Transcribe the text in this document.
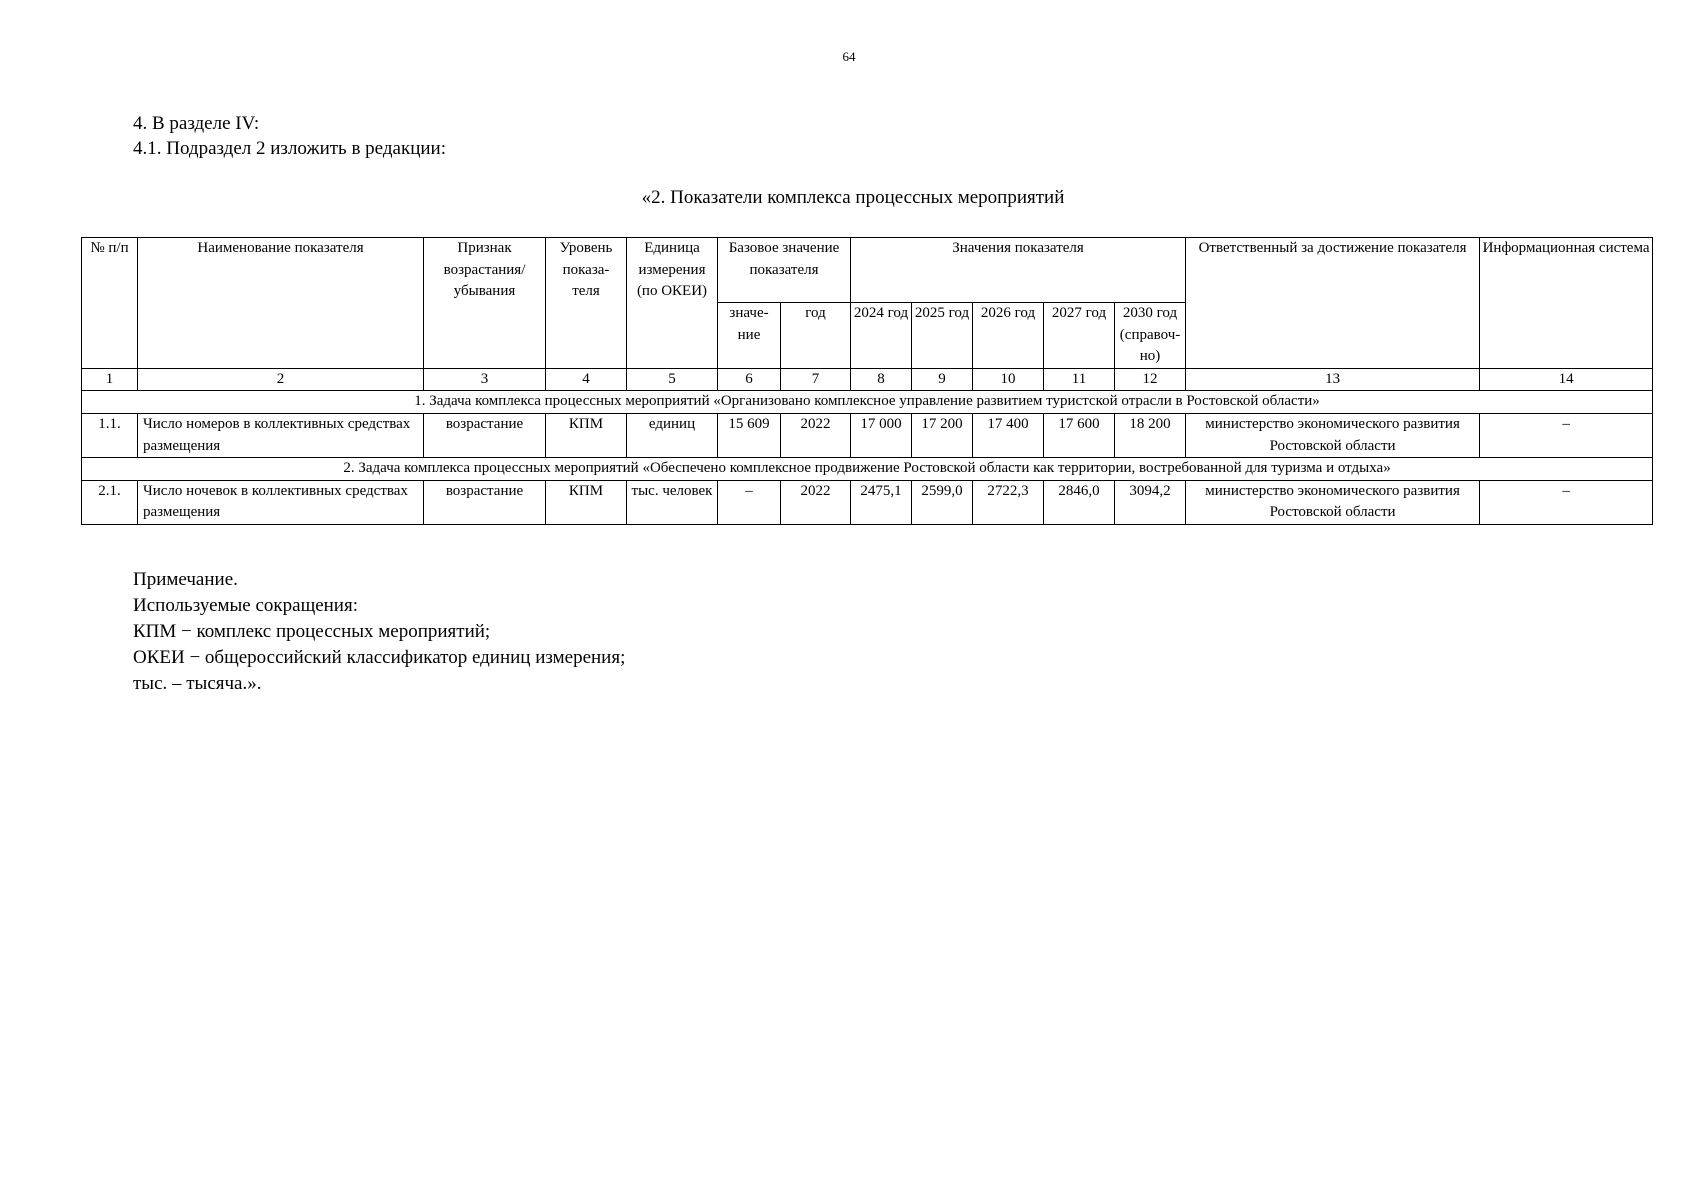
64
4. В разделе IV:
4.1. Подраздел 2 изложить в редакции:
«2. Показатели комплекса процессных мероприятий
№ п/п	Наименование показателя	Признак возрастания/ убывания	Уровень показа- теля	Единица измерения (по ОКЕИ)	Базовое значение показателя		Значения показателя					Ответственный за достижение показателя	Информационная система
					значе- ние	год	2024 год	2025 год	2026 год	2027 год	2030 год (справоч- но)		
1	2	3	4	5	6	7	8	9	10	11	12	13	14
1. Задача комплекса процессных мероприятий «Организовано комплексное управление развитием туристской отрасли в Ростовской области»													
1.1.	Число номеров в коллективных средствах размещения	возрастание	КПМ	единиц	15 609	2022	17 000	17 200	17 400	17 600	18 200	министерство экономического развития Ростовской области	–
2. Задача комплекса процессных мероприятий «Обеспечено комплексное продвижение Ростовской области как территории, востребованной для туризма и отдыха»													
2.1.	Число ночевок в коллективных средствах размещения	возрастание	КПМ	тыс. человек	–	2022	2475,1	2599,0	2722,3	2846,0	3094,2	министерство экономического развития Ростовской области	–
Примечание.
Используемые сокращения:
КПМ − комплекс процессных мероприятий;
ОКЕИ − общероссийский классификатор единиц измерения;
тыс. – тысяча.».
